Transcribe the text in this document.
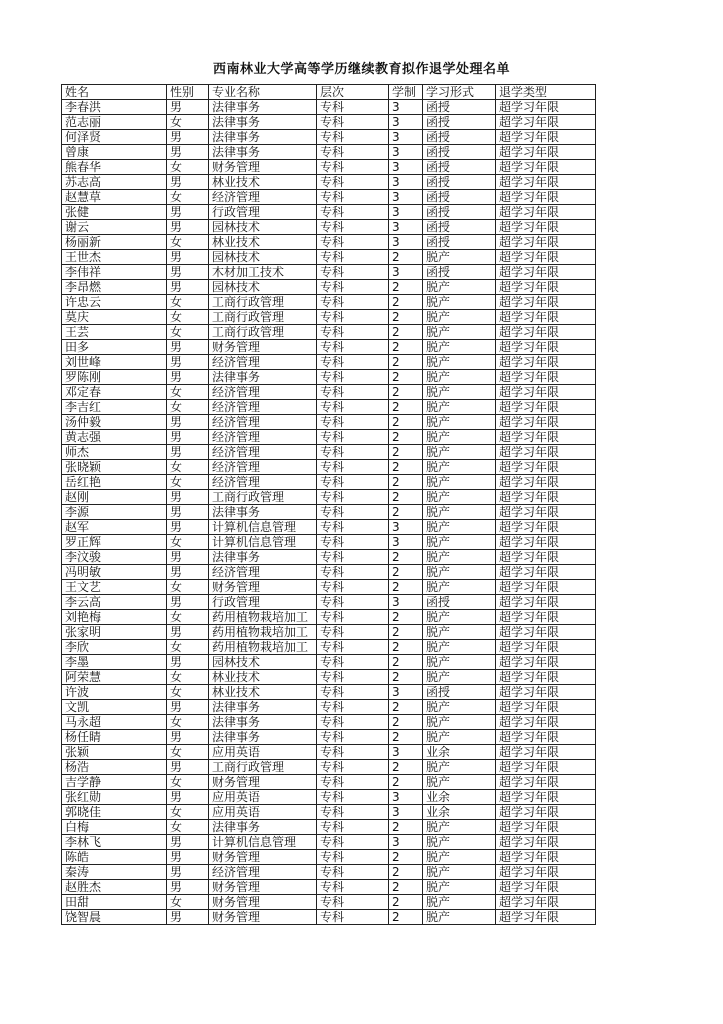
西南林业大学高等学历继续教育拟作退学处理名单
姓名	性别	专业名称	层次	学制	学习形式	退学类型
李春洪	男	法律事务	专科	3	函授	超学习年限
范志丽	女	法律事务	专科	3	函授	超学习年限
何泽贤	男	法律事务	专科	3	函授	超学习年限
曾康	男	法律事务	专科	3	函授	超学习年限
熊春华	女	财务管理	专科	3	函授	超学习年限
苏志高	男	林业技术	专科	3	函授	超学习年限
赵慧草	女	经济管理	专科	3	函授	超学习年限
张健	男	行政管理	专科	3	函授	超学习年限
谢云	男	园林技术	专科	3	函授	超学习年限
杨丽新	女	林业技术	专科	3	函授	超学习年限
王世杰	男	园林技术	专科	2	脱产	超学习年限
李伟祥	男	木材加工技术	专科	3	函授	超学习年限
李昂燃	男	园林技术	专科	2	脱产	超学习年限
许忠云	女	工商行政管理	专科	2	脱产	超学习年限
莫庆	女	工商行政管理	专科	2	脱产	超学习年限
王芸	女	工商行政管理	专科	2	脱产	超学习年限
田多	男	财务管理	专科	2	脱产	超学习年限
刘世峰	男	经济管理	专科	2	脱产	超学习年限
罗陈刚	男	法律事务	专科	2	脱产	超学习年限
邓定春	女	经济管理	专科	2	脱产	超学习年限
李吉红	女	经济管理	专科	2	脱产	超学习年限
汤仲毅	男	经济管理	专科	2	脱产	超学习年限
黄志强	男	经济管理	专科	2	脱产	超学习年限
师杰	男	经济管理	专科	2	脱产	超学习年限
张晓颖	女	经济管理	专科	2	脱产	超学习年限
岳红艳	女	经济管理	专科	2	脱产	超学习年限
赵刚	男	工商行政管理	专科	2	脱产	超学习年限
李源	男	法律事务	专科	2	脱产	超学习年限
赵军	男	计算机信息管理	专科	3	脱产	超学习年限
罗正辉	女	计算机信息管理	专科	3	脱产	超学习年限
李汶骏	男	法律事务	专科	2	脱产	超学习年限
冯明敏	男	经济管理	专科	2	脱产	超学习年限
王文艺	女	财务管理	专科	2	脱产	超学习年限
李云高	男	行政管理	专科	3	函授	超学习年限
刘艳梅	女	药用植物栽培加工	专科	2	脱产	超学习年限
张家明	男	药用植物栽培加工	专科	2	脱产	超学习年限
李欣	女	药用植物栽培加工	专科	2	脱产	超学习年限
李墨	男	园林技术	专科	2	脱产	超学习年限
阿荣慧	女	林业技术	专科	2	脱产	超学习年限
许波	女	林业技术	专科	3	函授	超学习年限
文凯	男	法律事务	专科	2	脱产	超学习年限
马永超	女	法律事务	专科	2	脱产	超学习年限
杨任睛	男	法律事务	专科	2	脱产	超学习年限
张颖	女	应用英语	专科	3	业余	超学习年限
杨浩	男	工商行政管理	专科	2	脱产	超学习年限
吉学静	女	财务管理	专科	2	脱产	超学习年限
张红勋	男	应用英语	专科	3	业余	超学习年限
郭晓佳	女	应用英语	专科	3	业余	超学习年限
白梅	女	法律事务	专科	2	脱产	超学习年限
李林飞	男	计算机信息管理	专科	3	脱产	超学习年限
陈皓	男	财务管理	专科	2	脱产	超学习年限
秦涛	男	经济管理	专科	2	脱产	超学习年限
赵胜杰	男	财务管理	专科	2	脱产	超学习年限
田甜	女	财务管理	专科	2	脱产	超学习年限
饶智晨	男	财务管理	专科	2	脱产	超学习年限
